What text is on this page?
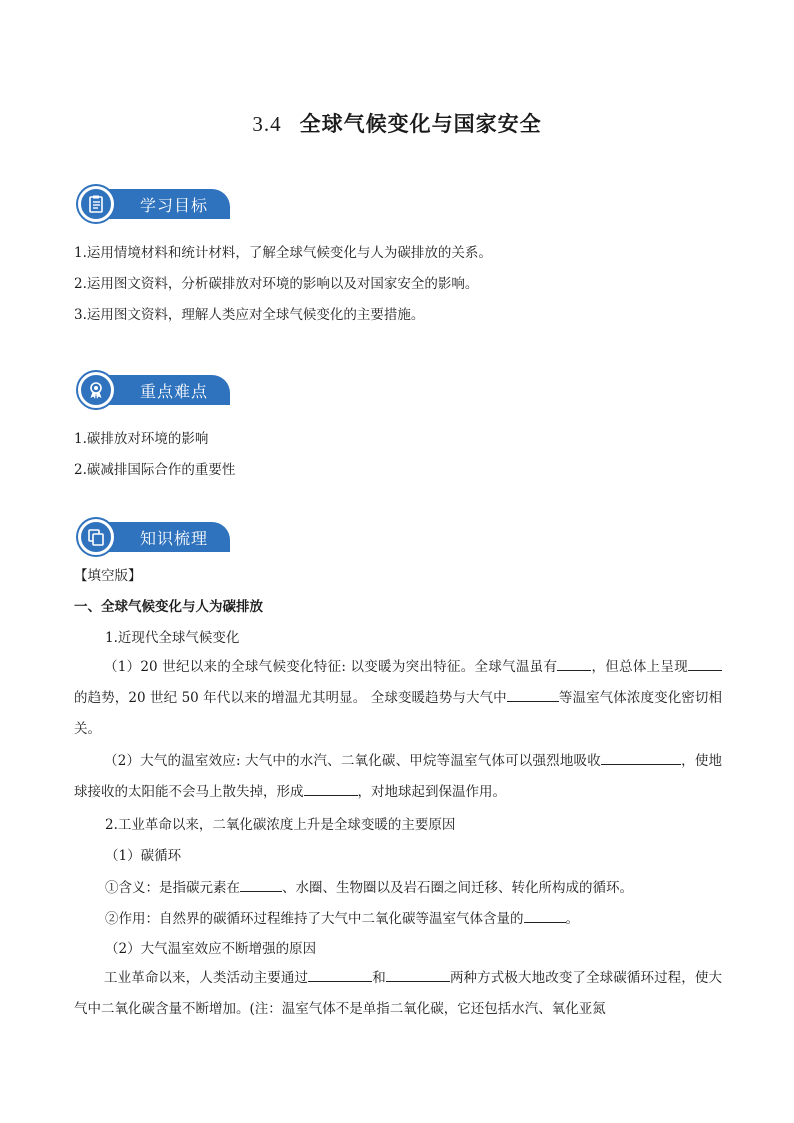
3.4 全球气候变化与国家安全
学习目标
1.运用情境材料和统计材料，了解全球气候变化与人为碳排放的关系。
2.运用图文资料，分析碳排放对环境的影响以及对国家安全的影响。
3.运用图文资料，理解人类应对全球气候变化的主要措施。
重点难点
1.碳排放对环境的影响
2.碳减排国际合作的重要性
知识梳理
【填空版】
一、全球气候变化与人为碳排放
1.近现代全球气候变化
（1）20 世纪以来的全球气候变化特征: 以变暖为突出特征。全球气温虽有	，但总体上呈现的趋势，20 世纪 50 年代以来的增温尤其明显。 全球变暖趋势与大气中	等温室气体浓度变化密切相关。
（2）大气的温室效应: 大气中的水汽、二氧化碳、甲烷等温室气体可以强烈地吸收	，使地球接收的太阳能不会马上散失掉，形成	，对地球起到保温作用。
2.工业革命以来，二氧化碳浓度上升是全球变暖的主要原因
（1）碳循环
①含义：是指碳元素在	、水圈、生物圈以及岩石圈之间迁移、转化所构成的循环。
②作用：自然界的碳循环过程维持了大气中二氧化碳等温室气体含量的	。
（2）大气温室效应不断增强的原因
工业革命以来，人类活动主要通过	和	两种方式极大地改变了全球碳循环过程，使大气中二氧化碳含量不断增加。(注：温室气体不是单指二氧化碳，它还包括水汽、氧化亚氮
